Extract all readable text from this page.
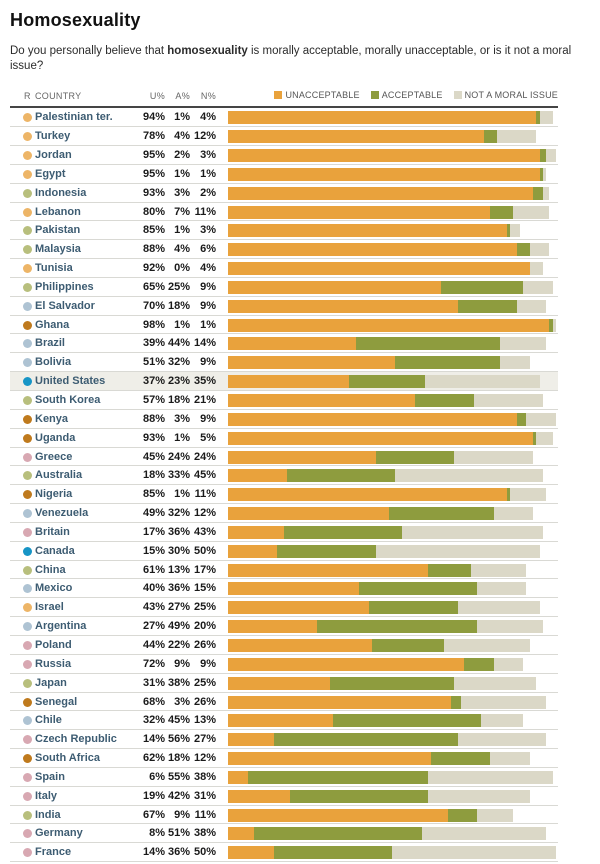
Homosexuality
Do you personally believe that homosexuality is morally acceptable, morally unacceptable, or is it not a moral issue?
R COUNTRY	U%	A%	N%	UNACCEPTABLE ACCEPTABLE NOT A MORAL ISSUE
Palestinian ter.	94% 1% 4%
Turkey	78% 4% 12%
Jordan	95% 2% 3%
Egypt	95% 1% 1%
Indonesia	93% 3% 2%
Lebanon	80% 7% 11%
Pakistan	85% 1% 3%
Malaysia	88% 4% 6%
Tunisia	92% 0% 4%
Philippines	65% 25% 9%
El Salvador	70% 18% 9%
Ghana	98% 1% 1%
Brazil	39% 44% 14%
Bolivia	51% 32% 9%
United States	37% 23% 35%
South Korea	57% 18% 21%
Kenya	88% 3% 9%
Uganda	93% 1% 5%
Greece	45% 24% 24%
Australia	18% 33% 45%
Nigeria	85% 1% 11%
Venezuela	49% 32% 12%
Britain	17% 36% 43%
Canada	15% 30% 50%
China	61% 13% 17%
Mexico	40% 36% 15%
Israel	43% 27% 25%
Argentina	27% 49% 20%
Poland	44% 22% 26%
Russia	72% 9% 9%
Japan	31% 38% 25%
Senegal	68% 3% 26%
Chile	32% 45% 13%
Czech Republic	14% 56% 27%
South Africa	62% 18% 12%
Spain	6% 55% 38%
Italy	19% 42% 31%
India	67% 9% 11%
Germany	8% 51% 38%
France	14% 36% 50%
